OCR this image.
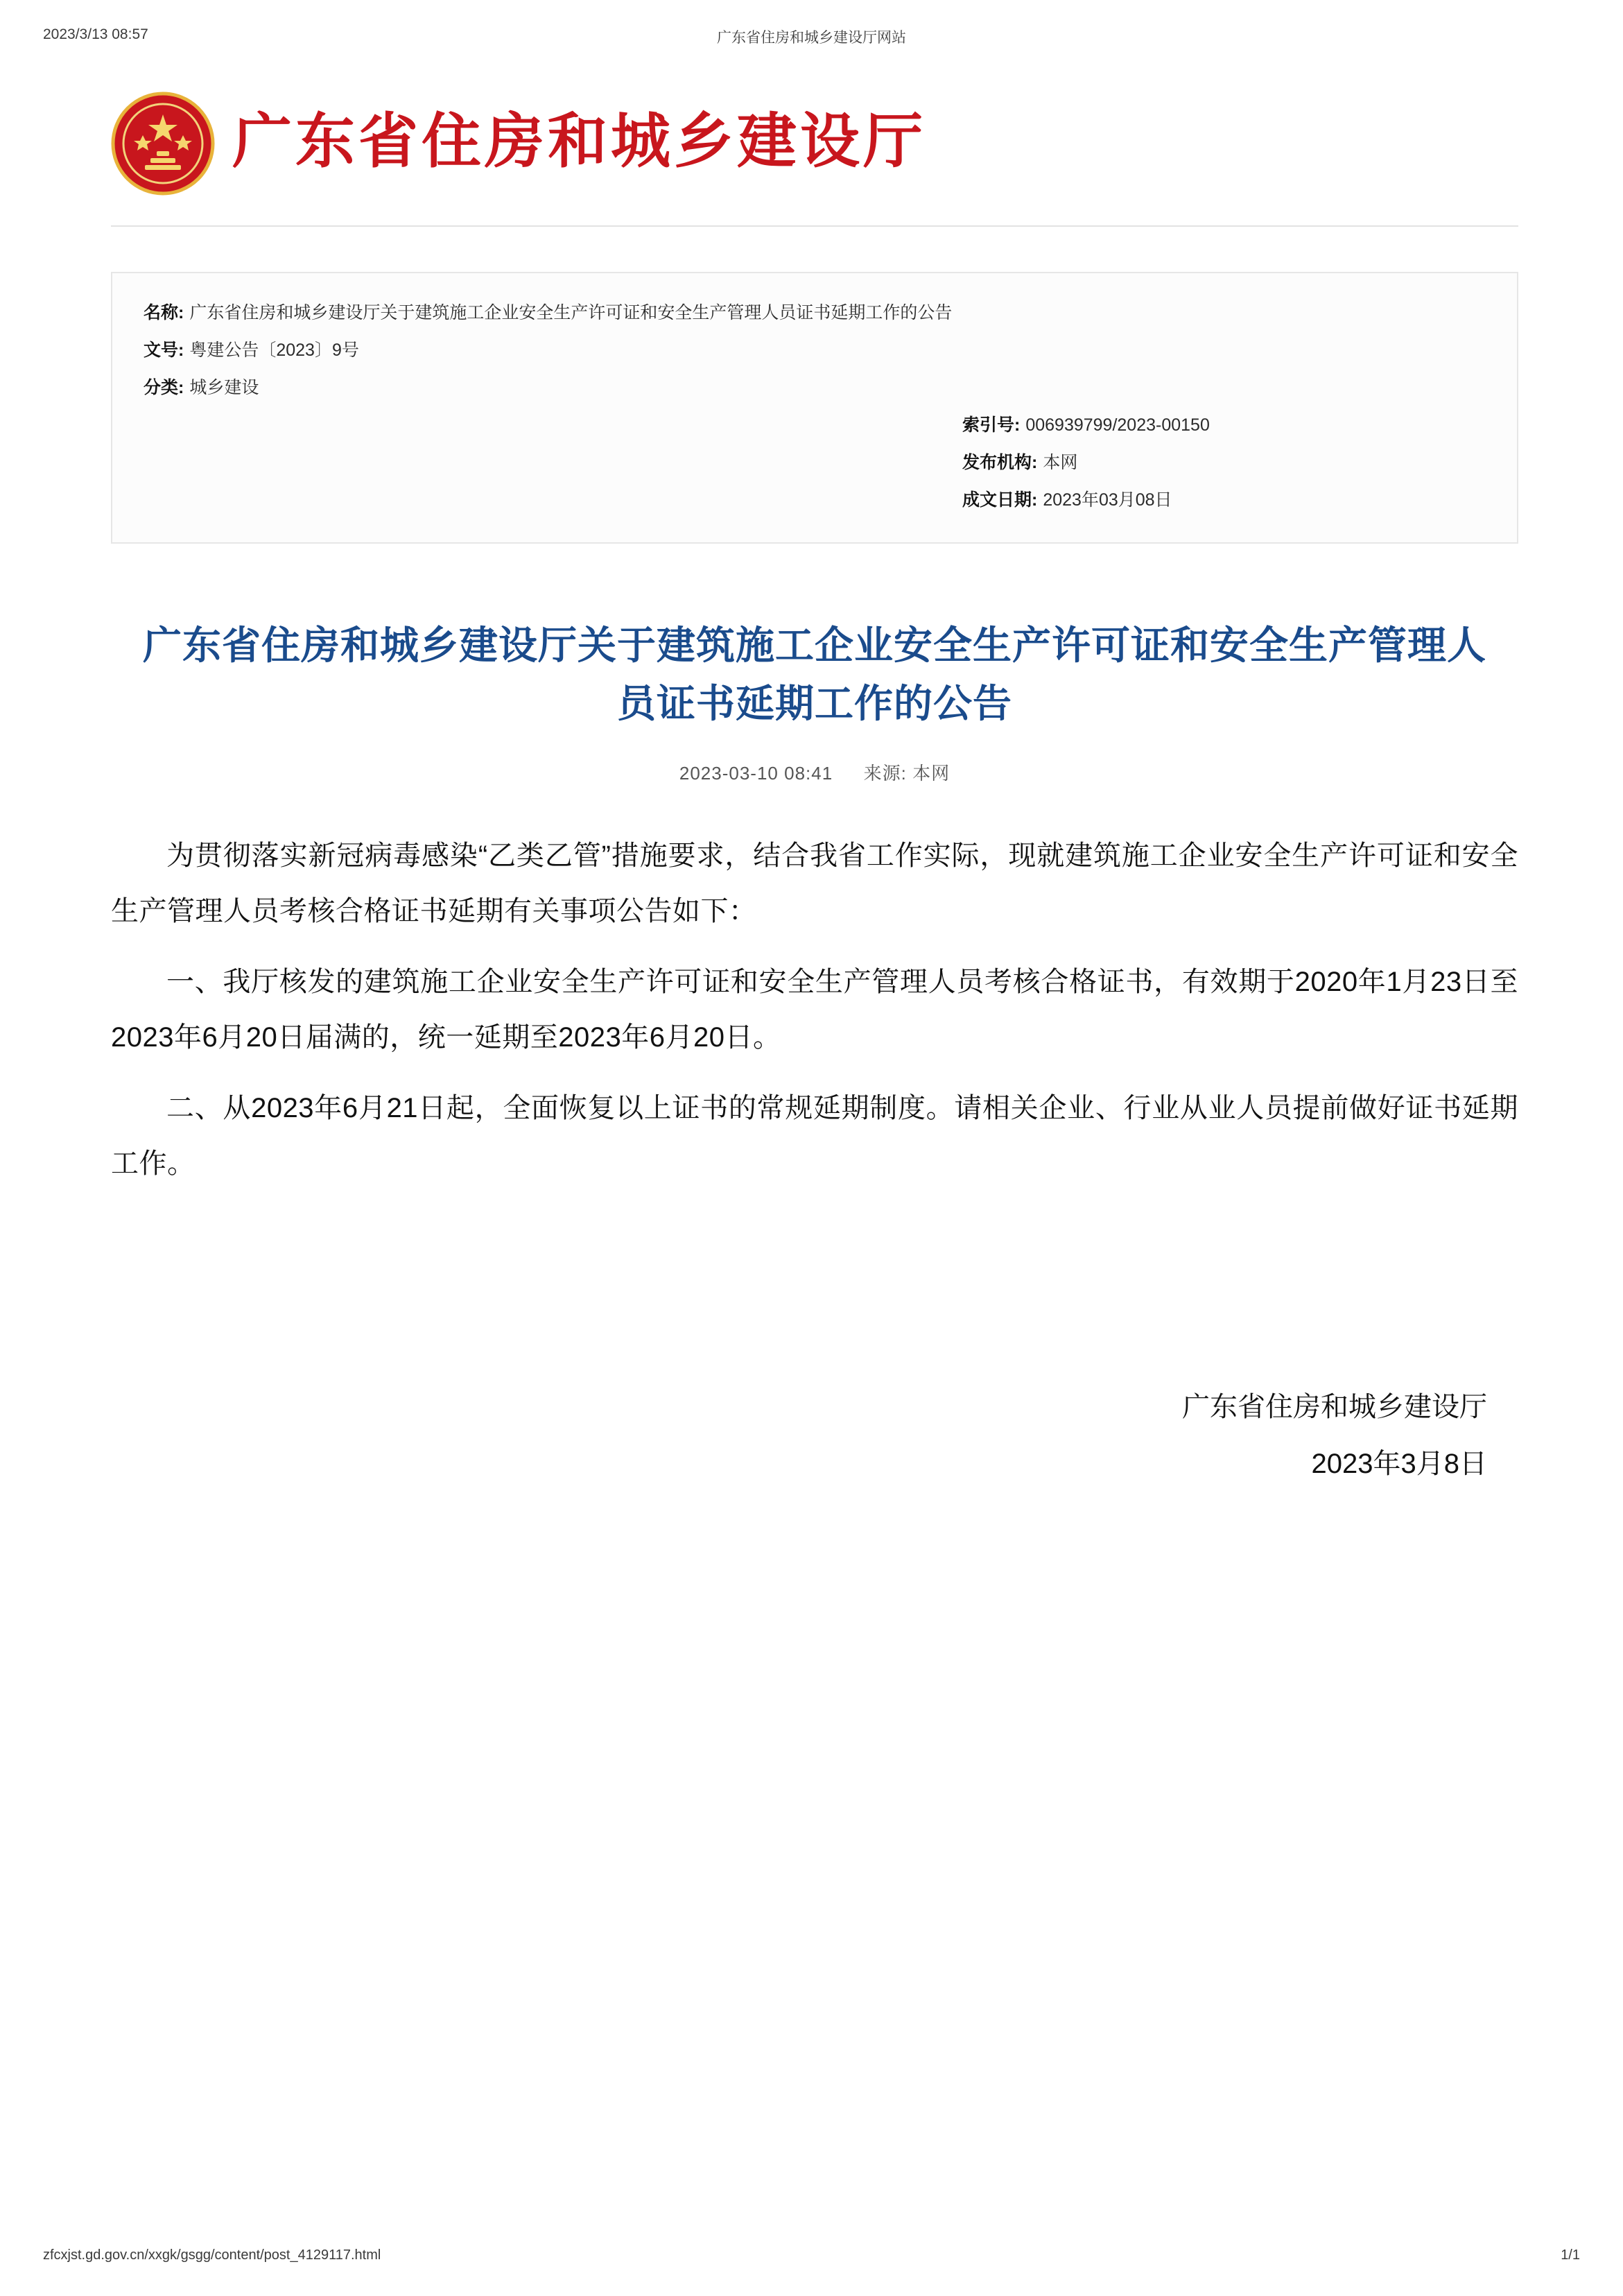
2023/3/13 08:57	广东省住房和城乡建设厅网站
广东省住房和城乡建设厅
名称: 广东省住房和城乡建设厅关于建筑施工企业安全生产许可证和安全生产管理人员证书延期工作的公告
文号: 粤建公告〔2023〕9号
分类: 城乡建设
索引号: 006939799/2023-00150
发布机构: 本网
成文日期: 2023年03月08日
广东省住房和城乡建设厅关于建筑施工企业安全生产许可证和安全生产管理人员证书延期工作的公告
2023-03-10 08:41 来源: 本网

为贯彻落实新冠病毒感染“乙类乙管”措施要求，结合我省工作实际，现就建筑施工企业安全生产许可证和安全生产管理人员考核合格证书延期有关事项公告如下：

一、我厅核发的建筑施工企业安全生产许可证和安全生产管理人员考核合格证书，有效期于2020年1月23日至2023年6月20日届满的，统一延期至2023年6月20日。

二、从2023年6月21日起，全面恢复以上证书的常规延期制度。请相关企业、行业从业人员提前做好证书延期工作。

广东省住房和城乡建设厅
2023年3月8日
zfcxjst.gd.gov.cn/xxgk/gsgg/content/post_4129117.html	1/1
